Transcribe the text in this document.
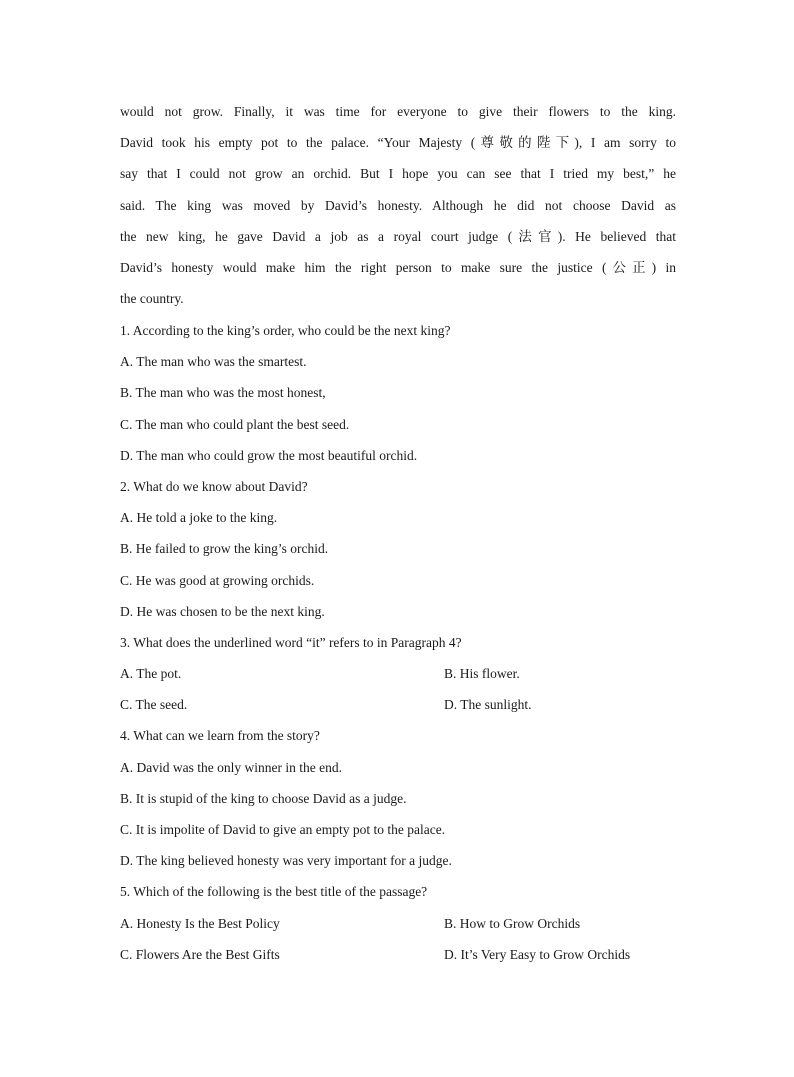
would not grow. Finally, it was time for everyone to give their flowers to the king.
David took his empty pot to the palace. “Your Majesty (尊敬的陛下), I am sorry to
say that I could not grow an orchid. But I hope you can see that I tried my best,” he
said. The king was moved by David’s honesty. Although he did not choose David as
the new king, he gave David a job as a royal court judge (法官). He believed that
David’s honesty would make him the right person to make sure the justice (公正) in
the country.
1. According to the king’s order, who could be the next king?
A. The man who was the smartest.
B. The man who was the most honest,
C. The man who could plant the best seed.
D. The man who could grow the most beautiful orchid.
2. What do we know about David?
A. He told a joke to the king.
B. He failed to grow the king’s orchid.
C. He was good at growing orchids.
D. He was chosen to be the next king.
3. What does the underlined word “it” refers to in Paragraph 4?
A. The pot.	B. His flower.
C. The seed.	D. The sunlight.
4. What can we learn from the story?
A. David was the only winner in the end.
B. It is stupid of the king to choose David as a judge.
C. It is impolite of David to give an empty pot to the palace.
D. The king believed honesty was very important for a judge.
5. Which of the following is the best title of the passage?
A. Honesty Is the Best Policy	B. How to Grow Orchids
C. Flowers Are the Best Gifts	D. It’s Very Easy to Grow Orchids
